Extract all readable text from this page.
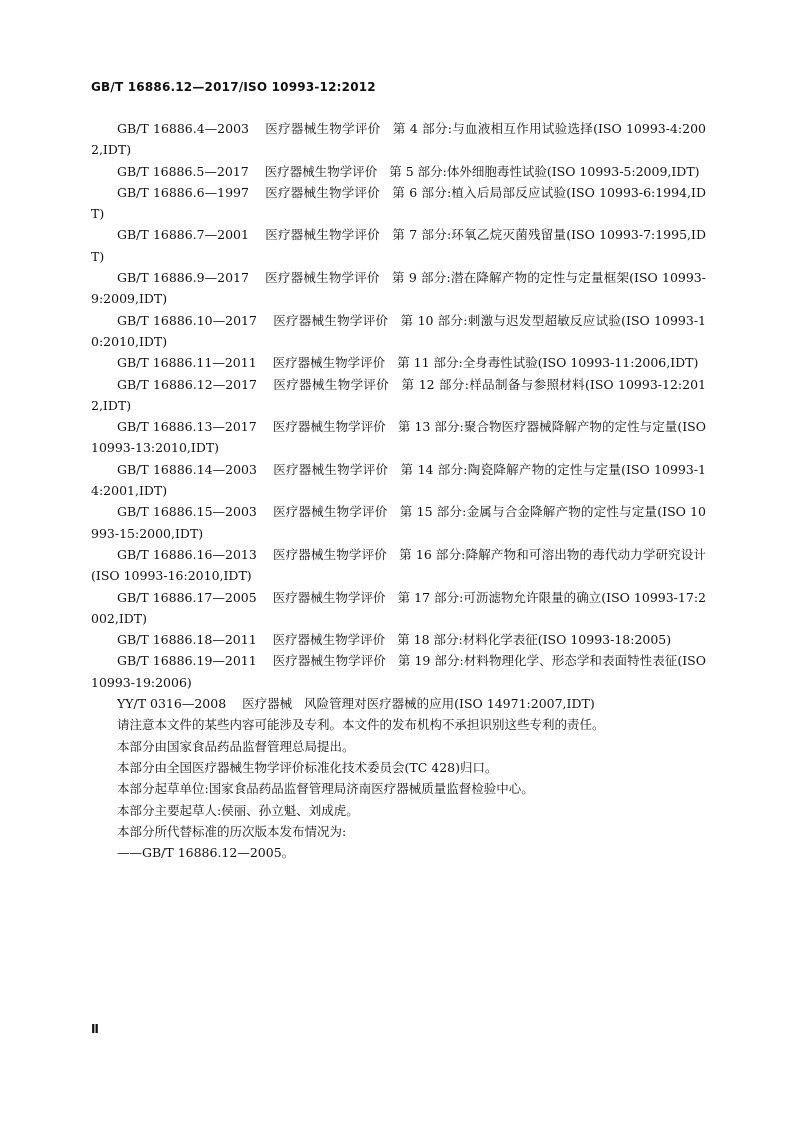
GB/T 16886.12—2017/ISO 10993-12:2012
GB/T 16886.4—2003 医疗器械生物学评价 第 4 部分:与血液相互作用试验选择(ISO 10993-4:2002,IDT)
GB/T 16886.5—2017 医疗器械生物学评价 第 5 部分:体外细胞毒性试验(ISO 10993-5:2009,IDT)
GB/T 16886.6—1997 医疗器械生物学评价 第 6 部分:植入后局部反应试验(ISO 10993-6:1994,IDT)
GB/T 16886.7—2001 医疗器械生物学评价 第 7 部分:环氧乙烷灭菌残留量(ISO 10993-7:1995,IDT)
GB/T 16886.9—2017 医疗器械生物学评价 第 9 部分:潜在降解产物的定性与定量框架(ISO 10993-9:2009,IDT)
GB/T 16886.10—2017 医疗器械生物学评价 第 10 部分:刺激与迟发型超敏反应试验(ISO 10993-10:2010,IDT)
GB/T 16886.11—2011 医疗器械生物学评价 第 11 部分:全身毒性试验(ISO 10993-11:2006,IDT)
GB/T 16886.12—2017 医疗器械生物学评价 第 12 部分:样品制备与参照材料(ISO 10993-12:2012,IDT)
GB/T 16886.13—2017 医疗器械生物学评价 第 13 部分:聚合物医疗器械降解产物的定性与定量(ISO 10993-13:2010,IDT)
GB/T 16886.14—2003 医疗器械生物学评价 第 14 部分:陶瓷降解产物的定性与定量(ISO 10993-14:2001,IDT)
GB/T 16886.15—2003 医疗器械生物学评价 第 15 部分:金属与合金降解产物的定性与定量(ISO 10993-15:2000,IDT)
GB/T 16886.16—2013 医疗器械生物学评价 第 16 部分:降解产物和可溶出物的毒代动力学研究设计(ISO 10993-16:2010,IDT)
GB/T 16886.17—2005 医疗器械生物学评价 第 17 部分:可沥滤物允许限量的确立(ISO 10993-17:2002,IDT)
GB/T 16886.18—2011 医疗器械生物学评价 第 18 部分:材料化学表征(ISO 10993-18:2005)
GB/T 16886.19—2011 医疗器械生物学评价 第 19 部分:材料物理化学、形态学和表面特性表征(ISO 10993-19:2006)
YY/T 0316—2008 医疗器械 风险管理对医疗器械的应用(ISO 14971:2007,IDT)
请注意本文件的某些内容可能涉及专利。本文件的发布机构不承担识别这些专利的责任。
本部分由国家食品药品监督管理总局提出。
本部分由全国医疗器械生物学评价标准化技术委员会(TC 428)归口。
本部分起草单位:国家食品药品监督管理局济南医疗器械质量监督检验中心。
本部分主要起草人:侯丽、孙立魁、刘成虎。
本部分所代替标准的历次版本发布情况为:
——GB/T 16886.12—2005。
Ⅱ
